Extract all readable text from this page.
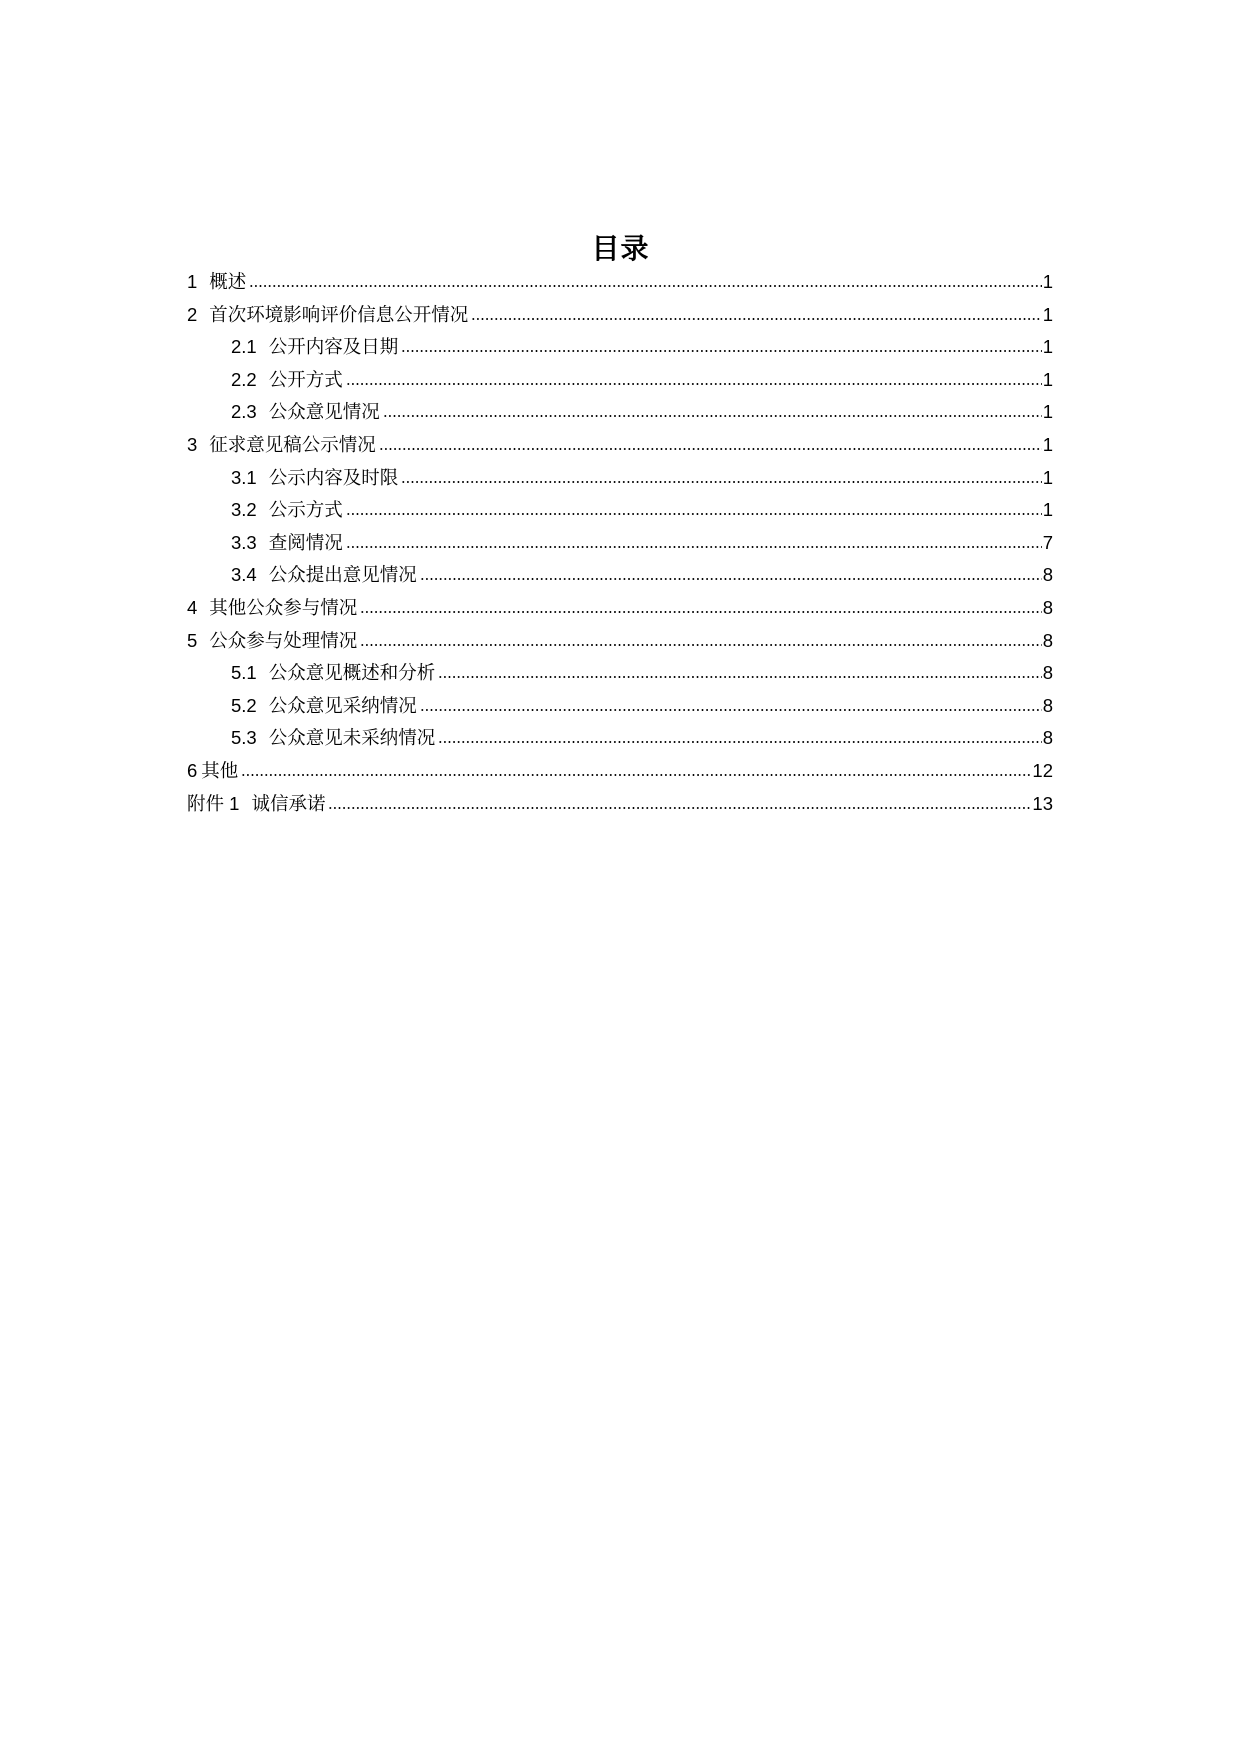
目录
1 概述	1
2 首次环境影响评价信息公开情况	1
2.1 公开内容及日期	1
2.2 公开方式	1
2.3 公众意见情况	1
3 征求意见稿公示情况	1
3.1 公示内容及时限	1
3.2 公示方式	1
3.3 查阅情况	7
3.4 公众提出意见情况	8
4 其他公众参与情况	8
5 公众参与处理情况	8
5.1 公众意见概述和分析	8
5.2 公众意见采纳情况	8
5.3 公众意见未采纳情况	8
6 其他	12
附件 1 诚信承诺	13
